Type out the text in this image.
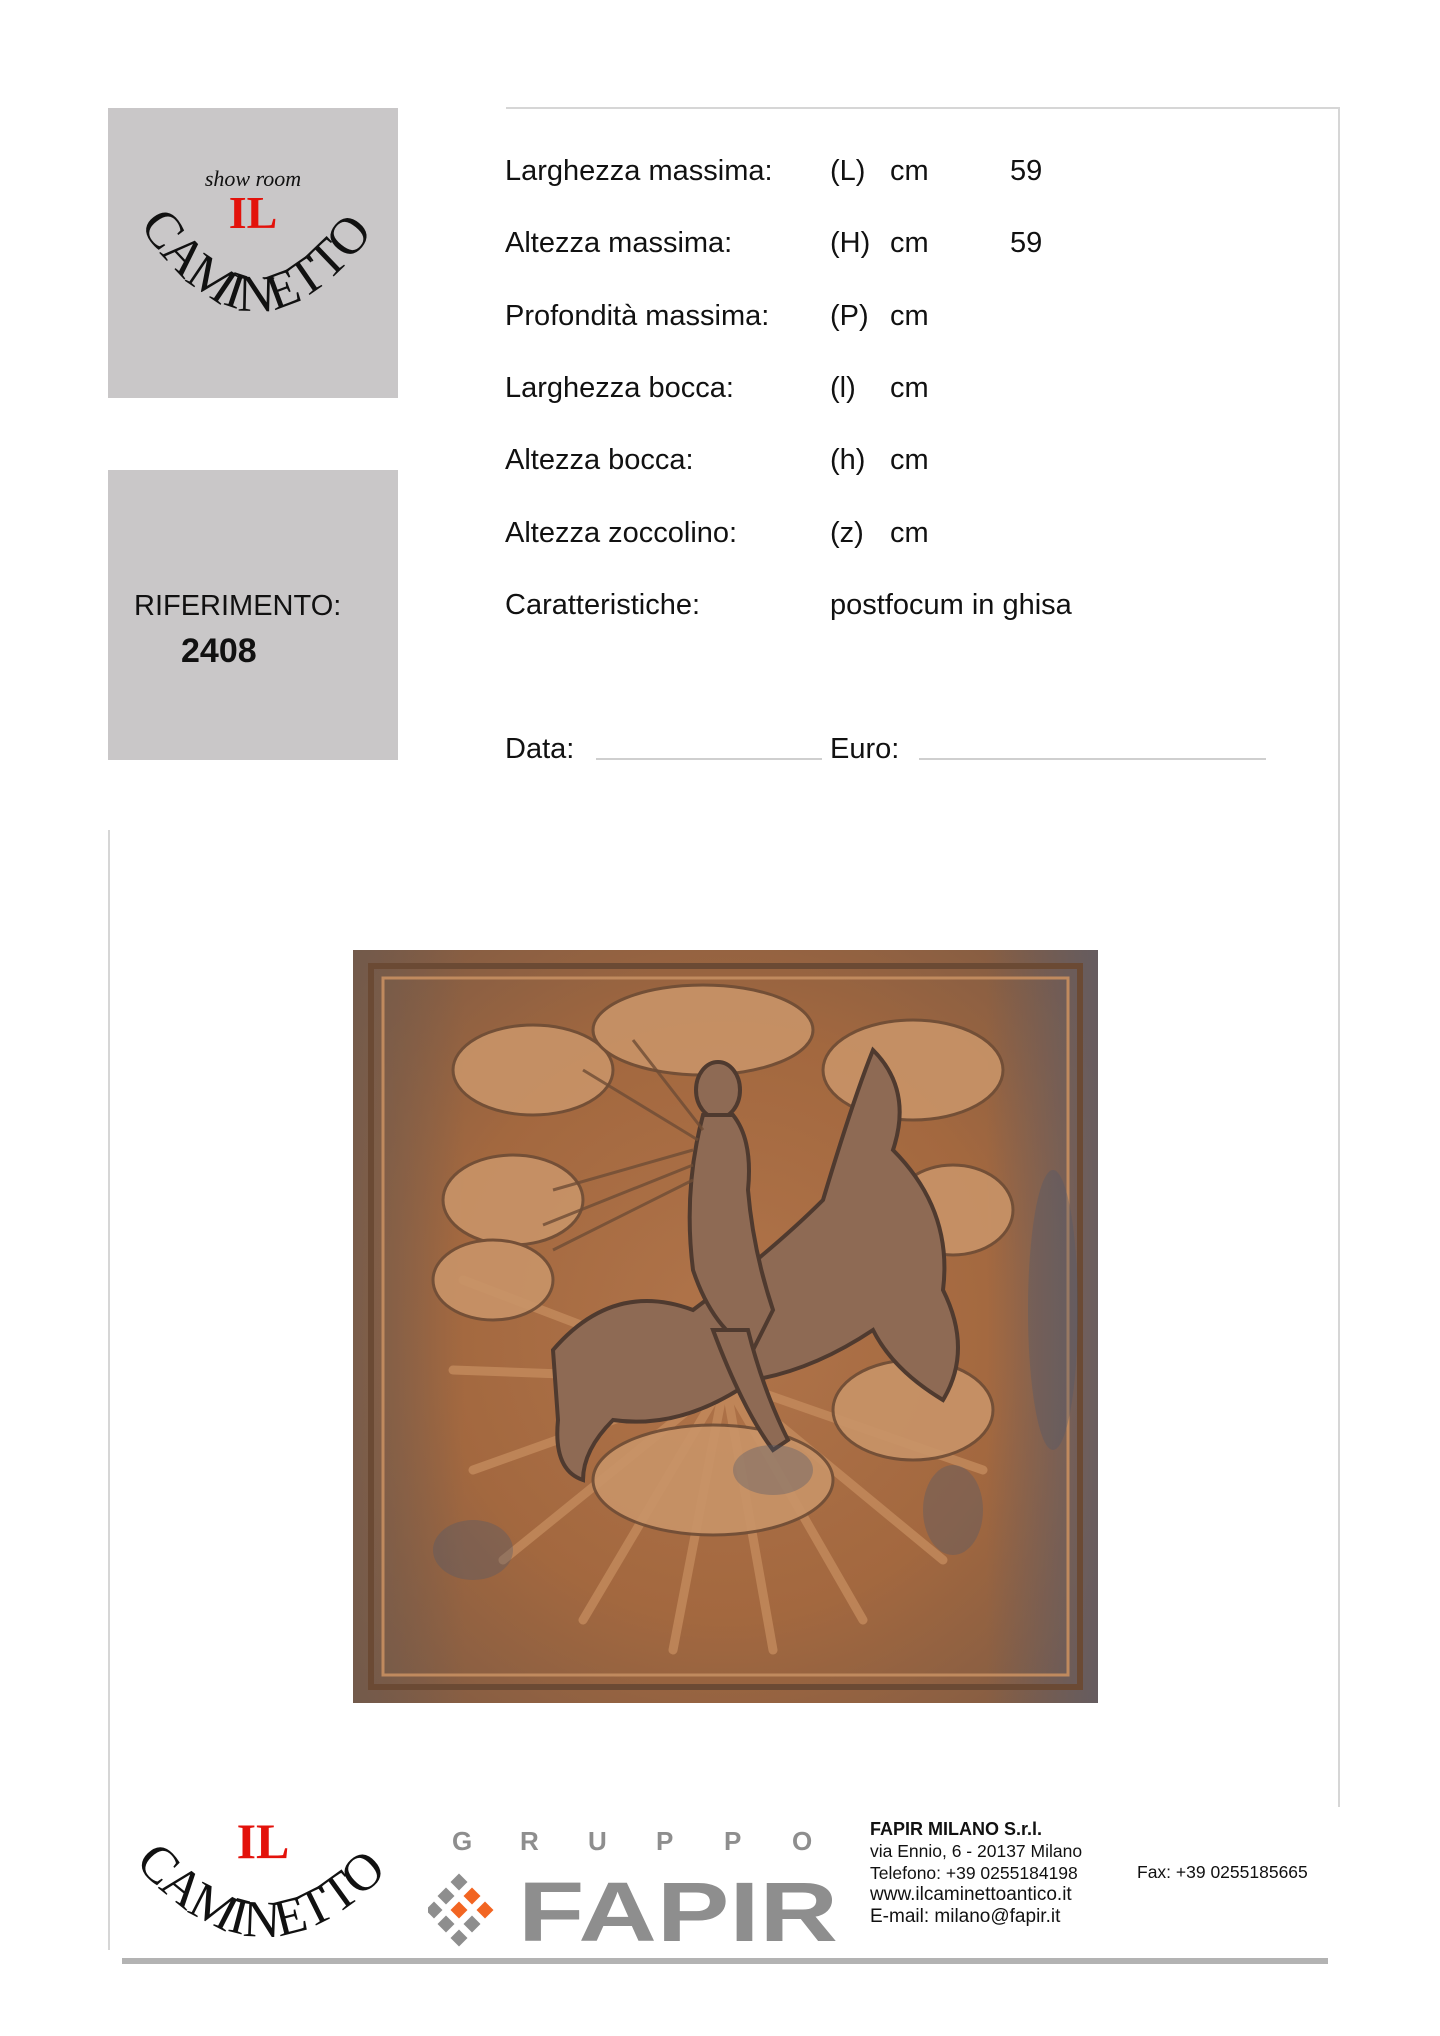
show room
IL
CAMINETTO
RIFERIMENTO:
2408
Larghezza massima: (L) cm	59
Altezza massima:	(H) cm	59
Profondità massima: (P) cm
Larghezza bocca:	(l) cm
Altezza bocca:	(h) cm
Altezza zoccolino:	(z) cm
Caratteristiche:	postfocum in ghisa
Data:	Euro:
IL
CAMINETTO G R U P P O
FAPIR
FAPIR MILANO S.r.l.
via Ennio, 6 - 20137 Milano
Telefono: +39 0255184198
www.ilcaminettoantico.it
E-mail: milano@fapir.it
Fax: +39 0255185665
